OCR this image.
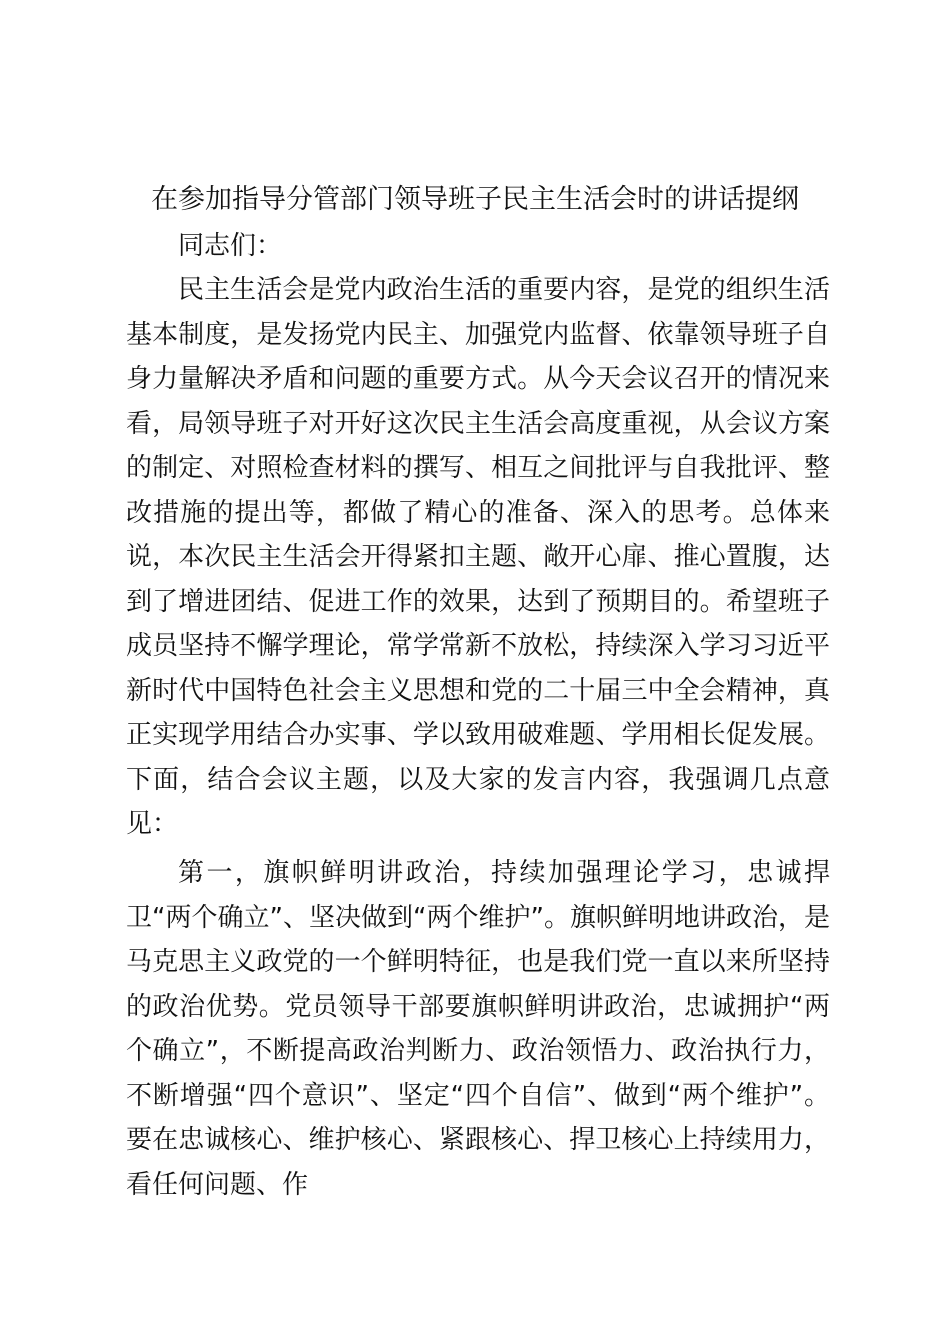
在参加指导分管部门领导班子民主生活会时的讲话提纲
同志们：

民主生活会是党内政治生活的重要内容，是党的组织生活基本制度，是发扬党内民主、加强党内监督、依靠领导班子自身力量解决矛盾和问题的重要方式。从今天会议召开的情况来看，局领导班子对开好这次民主生活会高度重视，从会议方案的制定、对照检查材料的撰写、相互之间批评与自我批评、整改措施的提出等，都做了精心的准备、深入的思考。总体来说，本次民主生活会开得紧扣主题、敞开心扉、推心置腹，达到了增进团结、促进工作的效果，达到了预期目的。希望班子成员坚持不懈学理论，常学常新不放松，持续深入学习习近平新时代中国特色社会主义思想和党的二十届三中全会精神，真正实现学用结合办实事、学以致用破难题、学用相长促发展。下面，结合会议主题，以及大家的发言内容，我强调几点意见：

第一，旗帜鲜明讲政治，持续加强理论学习，忠诚捍卫“两个确立”、坚决做到“两个维护”。旗帜鲜明地讲政治，是马克思主义政党的一个鲜明特征，也是我们党一直以来所坚持的政治优势。党员领导干部要旗帜鲜明讲政治，忠诚拥护“两个确立”，不断提高政治判断力、政治领悟力、政治执行力，不断增强“四个意识”、坚定“四个自信”、做到“两个维护”。要在忠诚核心、维护核心、紧跟核心、捍卫核心上持续用力，看任何问题、作
